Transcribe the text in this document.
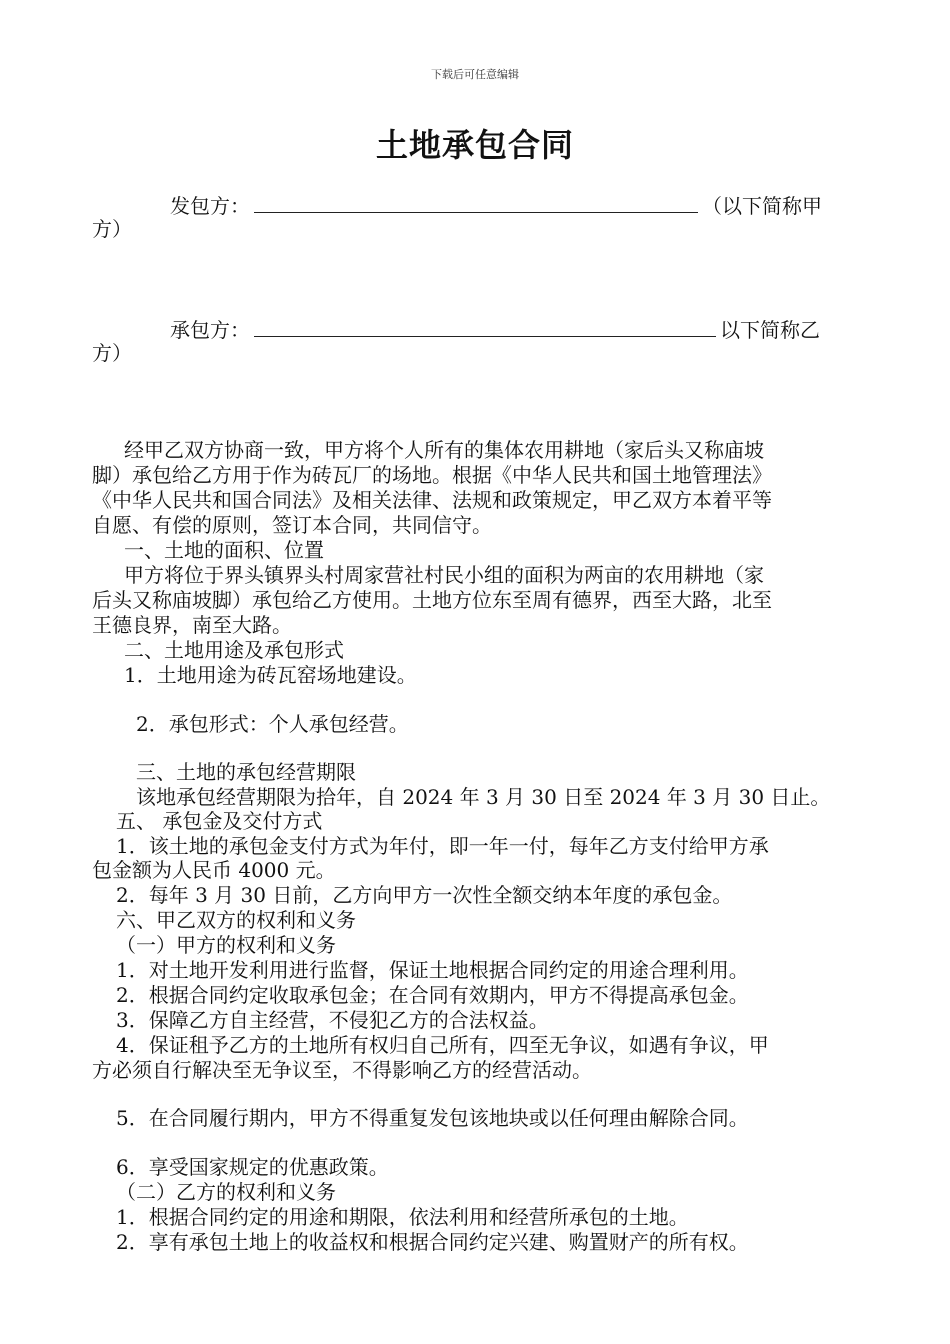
下载后可任意编辑
土地承包合同
发包方：	（以下简称甲
方）
承包方：	以下简称乙
方）
经甲乙双方协商一致，甲方将个人所有的集体农用耕地（家后头又称庙坡
脚）承包给乙方用于作为砖瓦厂的场地。根据《中华人民共和国土地管理法》
《中华人民共和国合同法》及相关法律、法规和政策规定，甲乙双方本着平等
自愿、有偿的原则，签订本合同，共同信守。
一、土地的面积、位置
甲方将位于界头镇界头村周家营社村民小组的面积为两亩的农用耕地（家
后头又称庙坡脚）承包给乙方使用。土地方位东至周有德界，西至大路，北至
王德良界，南至大路。
二、土地用途及承包形式
1．土地用途为砖瓦窑场地建设。
2．承包形式：个人承包经营。
三、土地的承包经营期限
该地承包经营期限为拾年，自 2024 年 3 月 30 日至 2024 年 3 月 30 日止。
五、 承包金及交付方式
1．该土地的承包金支付方式为年付，即一年一付，每年乙方支付给甲方承
包金额为人民币 4000 元。
2．每年 3 月 30 日前，乙方向甲方一次性全额交纳本年度的承包金。
六、甲乙双方的权利和义务
（一）甲方的权利和义务
1．对土地开发利用进行监督，保证土地根据合同约定的用途合理利用。
2．根据合同约定收取承包金；在合同有效期内，甲方不得提高承包金。
3．保障乙方自主经营，不侵犯乙方的合法权益。
4．保证租予乙方的土地所有权归自己所有，四至无争议，如遇有争议，甲
方必须自行解决至无争议至，不得影响乙方的经营活动。
5．在合同履行期内，甲方不得重复发包该地块或以任何理由解除合同。
6．享受国家规定的优惠政策。
（二）乙方的权利和义务
1．根据合同约定的用途和期限，依法利用和经营所承包的土地。
2．享有承包土地上的收益权和根据合同约定兴建、购置财产的所有权。
